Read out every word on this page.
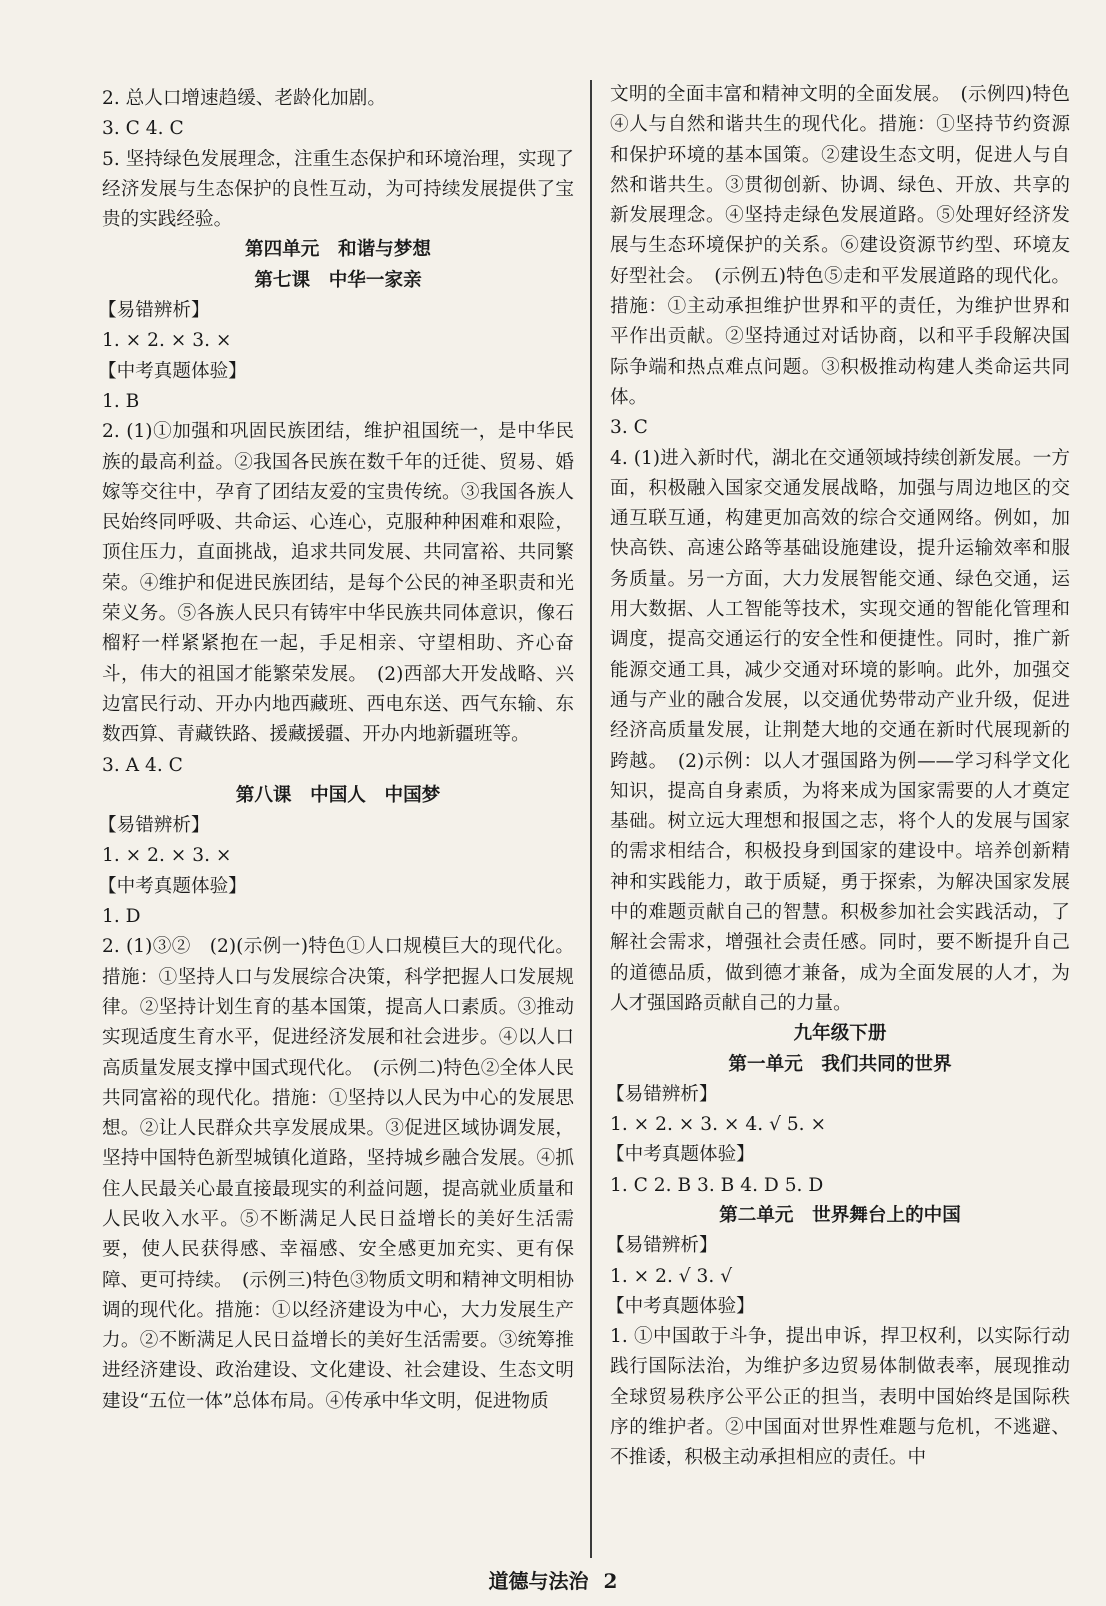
2. 总人口增速趋缓、老龄化加剧。
3. C 4. C
5. 坚持绿色发展理念，注重生态保护和环境治理，实现了经济发展与生态保护的良性互动，为可持续发展提供了宝贵的实践经验。
第四单元　和谐与梦想
第七课　中华一家亲
【易错辨析】
1. × 2. × 3. ×
【中考真题体验】
1. B
2. (1)①加强和巩固民族团结，维护祖国统一，是中华民族的最高利益。②我国各民族在数千年的迁徙、贸易、婚嫁等交往中，孕育了团结友爱的宝贵传统。③我国各族人民始终同呼吸、共命运、心连心，克服种种困难和艰险，顶住压力，直面挑战，追求共同发展、共同富裕、共同繁荣。④维护和促进民族团结，是每个公民的神圣职责和光荣义务。⑤各族人民只有铸牢中华民族共同体意识，像石榴籽一样紧紧抱在一起，手足相亲、守望相助、齐心奋斗，伟大的祖国才能繁荣发展。　(2)西部大开发战略、兴边富民行动、开办内地西藏班、西电东送、西气东输、东数西算、青藏铁路、援藏援疆、开办内地新疆班等。
3. A 4. C
第八课　中国人　中国梦
【易错辨析】
1. × 2. × 3. ×
【中考真题体验】
1. D
2. (1)③②　(2)(示例一)特色①人口规模巨大的现代化。措施：①坚持人口与发展综合决策，科学把握人口发展规律。②坚持计划生育的基本国策，提高人口素质。③推动实现适度生育水平，促进经济发展和社会进步。④以人口高质量发展支撑中国式现代化。　(示例二)特色②全体人民共同富裕的现代化。措施：①坚持以人民为中心的发展思想。②让人民群众共享发展成果。③促进区域协调发展，坚持中国特色新型城镇化道路，坚持城乡融合发展。④抓住人民最关心最直接最现实的利益问题，提高就业质量和人民收入水平。⑤不断满足人民日益增长的美好生活需要，使人民获得感、幸福感、安全感更加充实、更有保障、更可持续。　(示例三)特色③物质文明和精神文明相协调的现代化。措施：①以经济建设为中心，大力发展生产力。②不断满足人民日益增长的美好生活需要。③统筹推进经济建设、政治建设、文化建设、社会建设、生态文明建设“五位一体”总体布局。④传承中华文明，促进物质
文明的全面丰富和精神文明的全面发展。　(示例四)特色④人与自然和谐共生的现代化。措施：①坚持节约资源和保护环境的基本国策。②建设生态文明，促进人与自然和谐共生。③贯彻创新、协调、绿色、开放、共享的新发展理念。④坚持走绿色发展道路。⑤处理好经济发展与生态环境保护的关系。⑥建设资源节约型、环境友好型社会。　(示例五)特色⑤走和平发展道路的现代化。措施：①主动承担维护世界和平的责任，为维护世界和平作出贡献。②坚持通过对话协商，以和平手段解决国际争端和热点难点问题。③积极推动构建人类命运共同体。
3. C
4. (1)进入新时代，湖北在交通领域持续创新发展。一方面，积极融入国家交通发展战略，加强与周边地区的交通互联互通，构建更加高效的综合交通网络。例如，加快高铁、高速公路等基础设施建设，提升运输效率和服务质量。另一方面，大力发展智能交通、绿色交通，运用大数据、人工智能等技术，实现交通的智能化管理和调度，提高交通运行的安全性和便捷性。同时，推广新能源交通工具，减少交通对环境的影响。此外，加强交通与产业的融合发展，以交通优势带动产业升级，促进经济高质量发展，让荆楚大地的交通在新时代展现新的跨越。　(2)示例：以人才强国路为例——学习科学文化知识，提高自身素质，为将来成为国家需要的人才奠定基础。树立远大理想和报国之志，将个人的发展与国家的需求相结合，积极投身到国家的建设中。培养创新精神和实践能力，敢于质疑，勇于探索，为解决国家发展中的难题贡献自己的智慧。积极参加社会实践活动，了解社会需求，增强社会责任感。同时，要不断提升自己的道德品质，做到德才兼备，成为全面发展的人才，为人才强国路贡献自己的力量。
九年级下册
第一单元　我们共同的世界
【易错辨析】
1. × 2. × 3. × 4. √ 5. ×
【中考真题体验】
1. C 2. B 3. B 4. D 5. D
第二单元　世界舞台上的中国
【易错辨析】
1. × 2. √ 3. √
【中考真题体验】
1. ①中国敢于斗争，提出申诉，捍卫权利，以实际行动践行国际法治，为维护多边贸易体制做表率，展现推动全球贸易秩序公平公正的担当，表明中国始终是国际秩序的维护者。②中国面对世界性难题与危机，不逃避、不推诿，积极主动承担相应的责任。中
道德与法治 2
